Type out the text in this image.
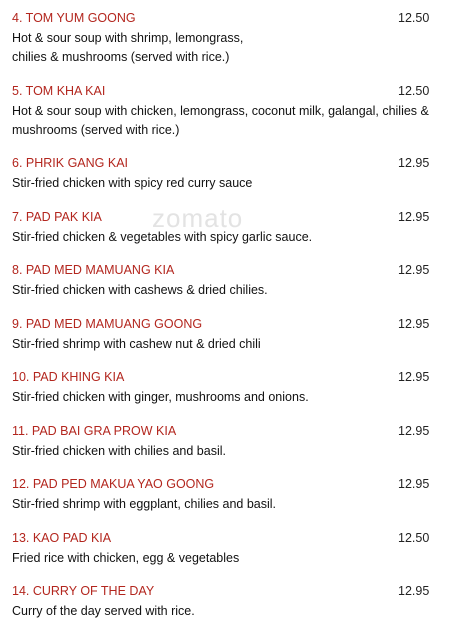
zomato
4. TOM YUM GOONG	12.50
Hot & sour soup with shrimp, lemongrass, chilies & mushrooms (served with rice.)
5. TOM KHA KAI	12.50
Hot & sour soup with chicken, lemongrass, coconut milk, galangal, chilies & mushrooms (served with rice.)
6. PHRIK GANG KAI	12.95
Stir-fried chicken with spicy red curry sauce
7. PAD PAK KIA	12.95
Stir-fried chicken & vegetables with spicy garlic sauce.
8. PAD MED MAMUANG KIA	12.95
Stir-fried chicken with cashews & dried chilies.
9. PAD MED MAMUANG GOONG	12.95
Stir-fried shrimp with cashew nut & dried chili
10. PAD KHING KIA	12.95
Stir-fried chicken with ginger, mushrooms and onions.
11. PAD BAI GRA PROW KIA	12.95
Stir-fried chicken with chilies and basil.
12. PAD PED MAKUA YAO GOONG	12.95
Stir-fried shrimp with eggplant, chilies and basil.
13. KAO PAD KIA	12.50
Fried rice with chicken, egg & vegetables
14. CURRY OF THE DAY	12.95
Curry of the day served with rice.
